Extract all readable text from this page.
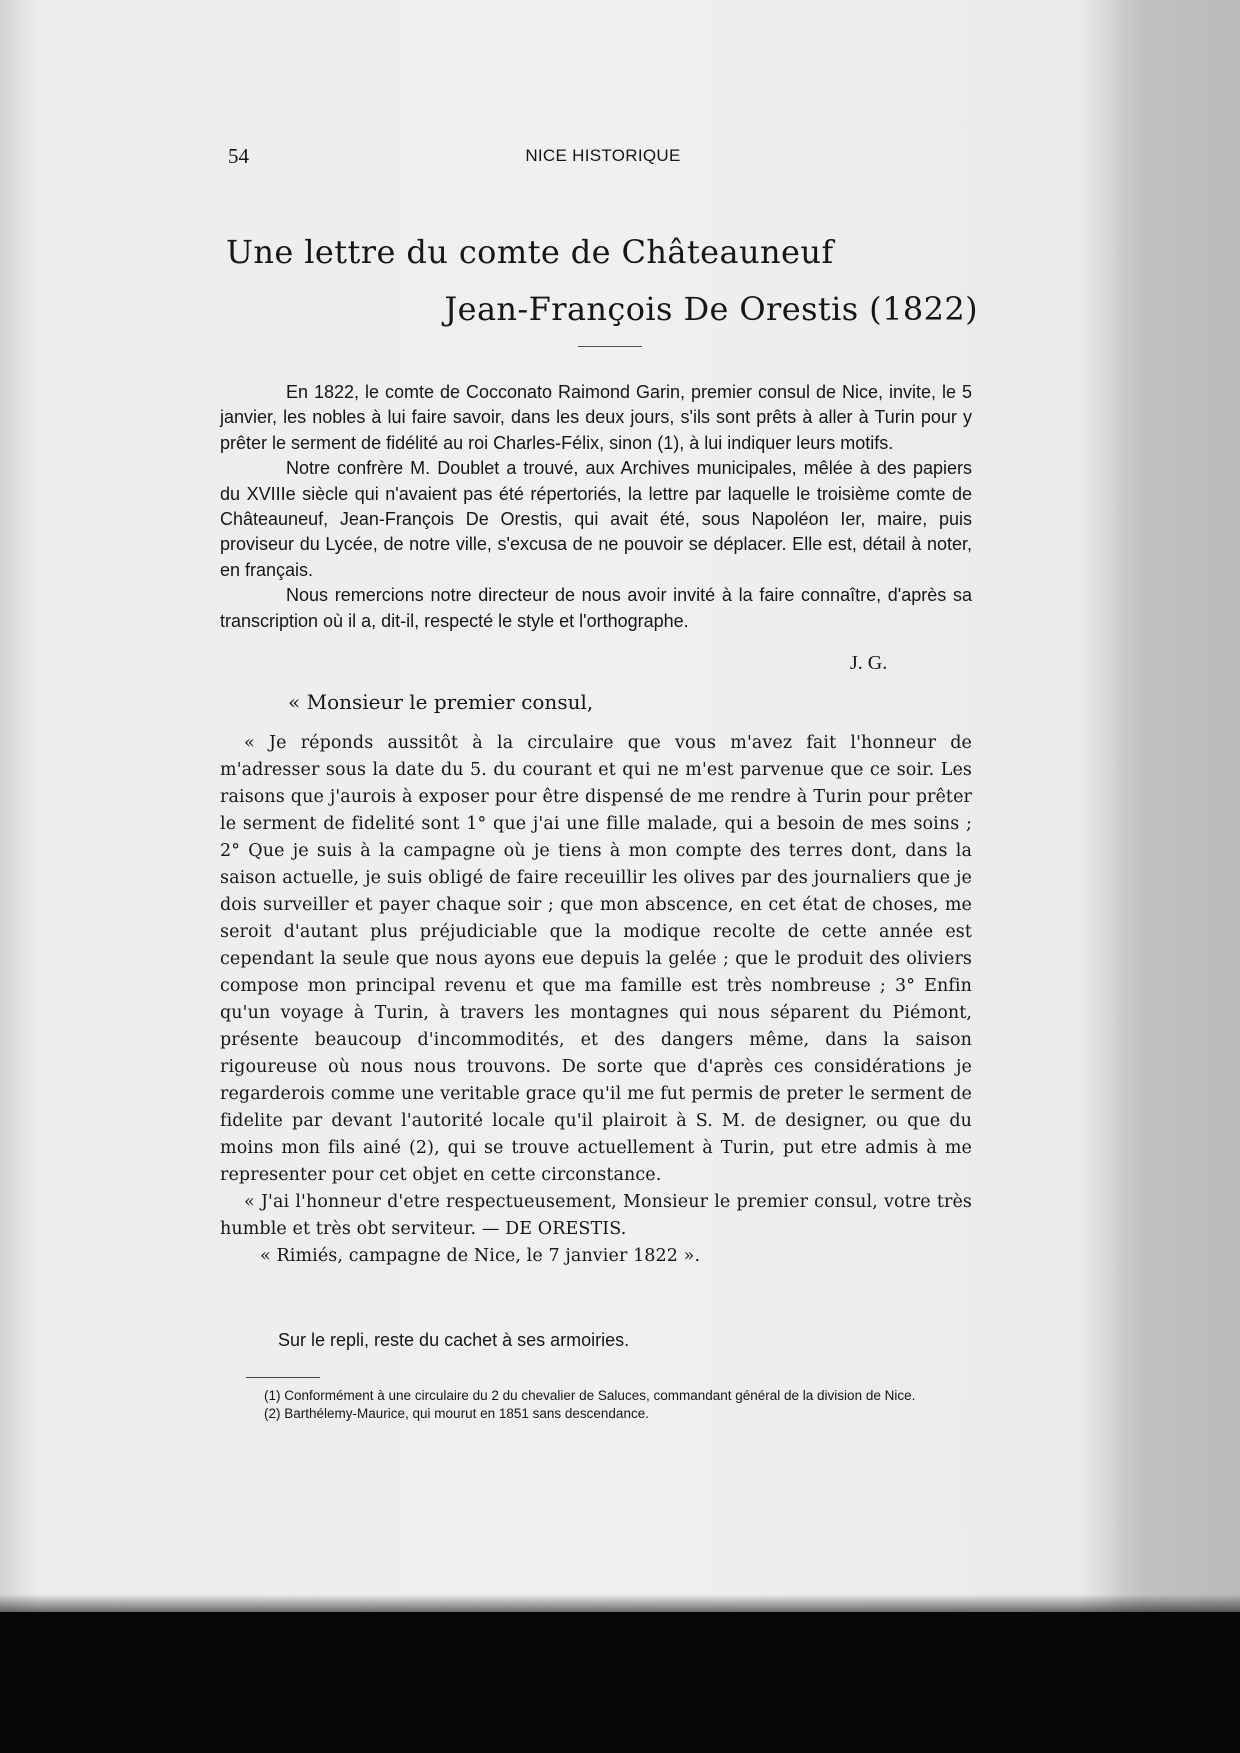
54	NICE HISTORIQUE
Une lettre du comte de Châteauneuf
Jean-François De Orestis (1822)

En 1822, le comte de Cocconato Raimond Garin, premier consul de Nice, invite, le 5 janvier, les nobles à lui faire savoir, dans les deux jours, s'ils sont prêts à aller à Turin pour y prêter le serment de fidélité au roi Charles-Félix, sinon (1), à lui indiquer leurs motifs.

Notre confrère M. Doublet a trouvé, aux Archives municipales, mêlée à des papiers du XVIIIe siècle qui n'avaient pas été répertoriés, la lettre par laquelle le troisième comte de Châteauneuf, Jean-François De Orestis, qui avait été, sous Napoléon Ier, maire, puis proviseur du Lycée, de notre ville, s'excusa de ne pouvoir se déplacer. Elle est, détail à noter, en français.

Nous remercions notre directeur de nous avoir invité à la faire connaître, d'après sa transcription où il a, dit-il, respecté le style et l'orthographe.

J. G.
« Monsieur le premier consul,

« Je réponds aussitôt à la circulaire que vous m'avez fait l'honneur de m'adresser sous la date du 5. du courant et qui ne m'est parvenue que ce soir. Les raisons que j'aurois à exposer pour être dispensé de me rendre à Turin pour prêter le serment de fidelité sont 1° que j'ai une fille malade, qui a besoin de mes soins ; 2° Que je suis à la campagne où je tiens à mon compte des terres dont, dans la saison actuelle, je suis obligé de faire receuillir les olives par des journaliers que je dois surveiller et payer chaque soir ; que mon abscence, en cet état de choses, me seroit d'autant plus préjudiciable que la modique recolte de cette année est cependant la seule que nous ayons eue depuis la gelée ; que le produit des oliviers compose mon principal revenu et que ma famille est très nombreuse ; 3° Enfin qu'un voyage à Turin, à travers les montagnes qui nous séparent du Piémont, présente beaucoup d'incommodités, et des dangers même, dans la saison rigoureuse où nous nous trouvons. De sorte que d'après ces considérations je regarderois comme une veritable grace qu'il me fut permis de preter le serment de fidelite par devant l'autorité locale qu'il plairoit à S. M. de designer, ou que du moins mon fils ainé (2), qui se trouve actuellement à Turin, put etre admis à me representer pour cet objet en cette circonstance.

« J'ai l'honneur d'etre respectueusement, Monsieur le premier consul, votre très humble et très obt serviteur. — DE ORESTIS.

« Rimiés, campagne de Nice, le 7 janvier 1822 ».

Sur le repli, reste du cachet à ses armoiries.

(1) Conformément à une circulaire du 2 du chevalier de Saluces, commandant général de la division de Nice.

(2) Barthélemy-Maurice, qui mourut en 1851 sans descendance.
